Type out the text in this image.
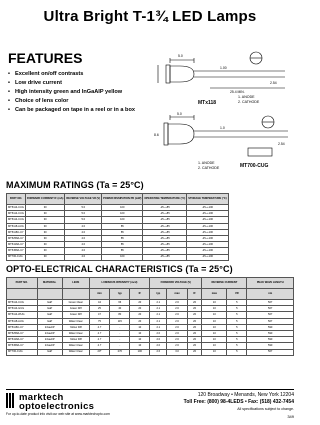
Ultra Bright T-1¾ LED Lamps
FEATURES
• Excellent on/off contrasts
• Low drive current
• High intensity green and InGaAIP yellow
• Choice of lens color
• Can be packaged on tape in a reel or in a box
5.0
1.00
25.4 MIN.
2.54
1. ANODE
2. CATHODE
MTx118
5.0
8.6
1.0
2.54
1. ANODE
2. CATHODE	MT700-CUG
MAXIMUM RATINGS (Ta = 25°C)
PART NO.	FORWARD CURRENT IF (mA)	REVERSE VOLTAGE VR (V)	POWER DISSIPATION PD (mW)	OPERATING TEMPERATURE (°C)	STORAGE TEMPERATURE (°C)
MT5114-CUG	30	5.0	100	-25~+85	-25~+100
MT5114-CUG	30	5.0	100	-25~+85	-25~+100
MT5114-CUG	30	5.0	100	-25~+85	-25~+100
MT5118-AUG	30	4.0	85	-25~+85	-25~+100
MT5118C-UY	30	4.0	85	-25~+85	-25~+100
MT5258A-UY	30	4.0	85	-25~+85	-25~+100
MT5418A-UY	30	4.0	85	-25~+85	-25~+100
MT5458A-UY	30	4.0	85	-25~+85	-25~+100
MT700-CUG	30	4.0	100	-25~+85	-25~+100
OPTO-ELECTRICAL CHARACTERISTICS (Ta = 25°C)
PART NO.	MATERIAL	LENS	LUMINOUS INTENSITY (mcd)			FORWARD VOLTAGE (V)			REVERSE CURRENT		PEAK WAVE LENGTH
			min	typ	IF	typ	max	IF	max	VR	nm
MT5114-CUG	GaP	Green Clear	44	66	20	2.1	2.6	20	10	5	567
MT5114-GUG	GaP	Green Diff	25	40	20	2.1	2.6	20	10	5	567
MT5114-WUG	GaP	Green Diff	47	80	20	2.1	2.6	20	10	5	567
MT5118-AUG	GaP	Water Clear	75	115	20	2.1	2.6	20	10	5	567
MT5118C-UY	InGaAIP	Yellow Diff	4.7	-	10	2.1	2.6	20	10	5	590
MT5258A-UY	InGaAIP	Water Clear	4.7	-	10	2.0	2.6	20	10	5	590
MT5418A-UY	InGaAIP	Yellow Diff	4.7	-	10	2.0	2.6	20	10	5	590
MT5458A-UY	InGaAIP	Water Clear	4.7	-	10	2.0	2.6	20	10	5	590
MT700-CUG	GaP	Water Clear	20*	270	100	2.6	3.0	20	10	5	567
marktech
optoelectronics
120 Broadway • Menands, New York 12204
Toll Free: (800) 98-4LEDS • Fax: (518) 432-7454
For up-to-date product info visit our web site at www.marktechopto.com
All specifications subject to change.
349
